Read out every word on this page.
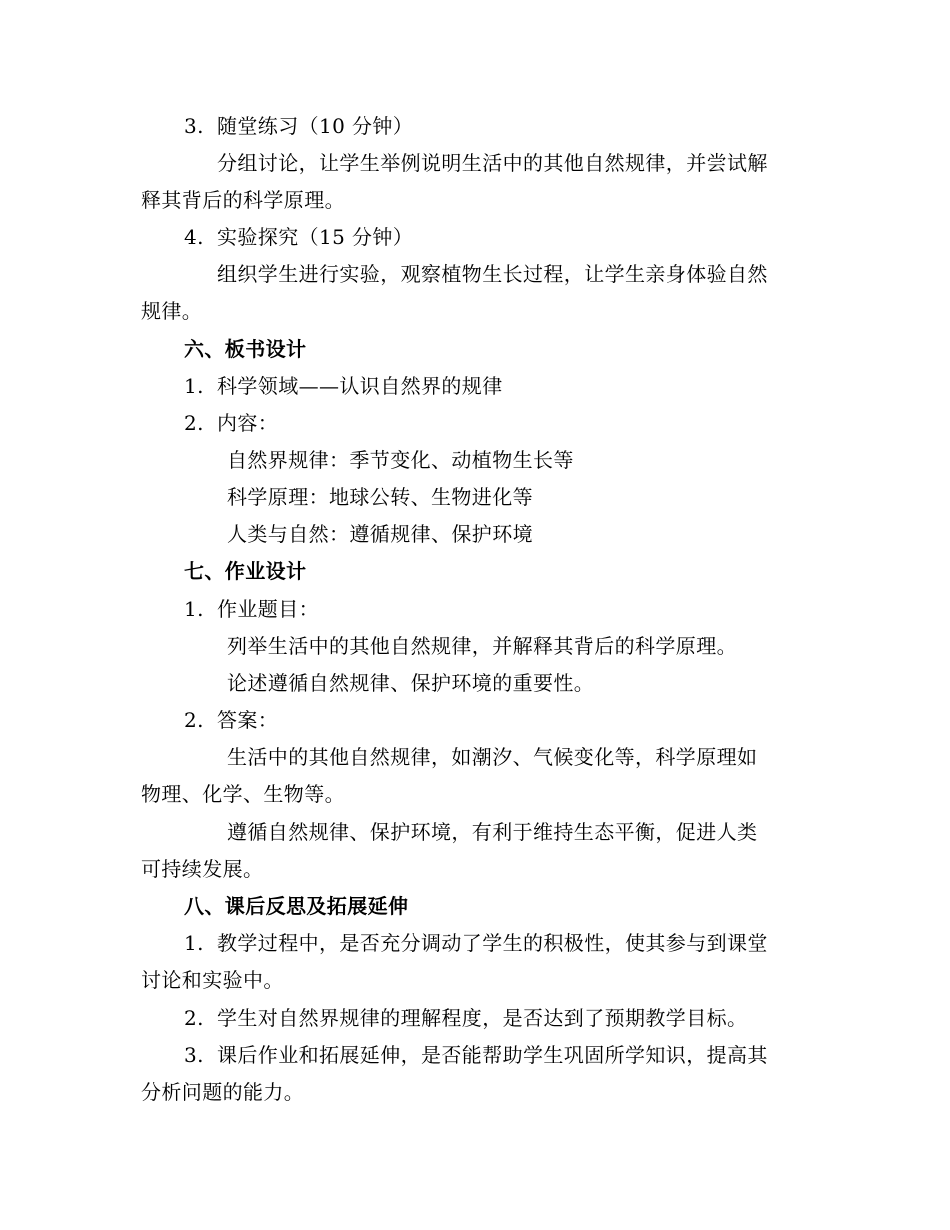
3. 随堂练习（10 分钟）
分组讨论，让学生举例说明生活中的其他自然规律，并尝试解
释其背后的科学原理。
4. 实验探究（15 分钟）
组织学生进行实验，观察植物生长过程，让学生亲身体验自然
规律。
六、板书设计
1. 科学领域——认识自然界的规律
2. 内容：
自然界规律：季节变化、动植物生长等
科学原理：地球公转、生物进化等
人类与自然：遵循规律、保护环境
七、作业设计
1. 作业题目：
列举生活中的其他自然规律，并解释其背后的科学原理。
论述遵循自然规律、保护环境的重要性。
2. 答案：
生活中的其他自然规律，如潮汐、气候变化等，科学原理如
物理、化学、生物等。
遵循自然规律、保护环境，有利于维持生态平衡，促进人类
可持续发展。
八、课后反思及拓展延伸
1. 教学过程中，是否充分调动了学生的积极性，使其参与到课堂
讨论和实验中。
2. 学生对自然界规律的理解程度，是否达到了预期教学目标。
3. 课后作业和拓展延伸，是否能帮助学生巩固所学知识，提高其
分析问题的能力。
